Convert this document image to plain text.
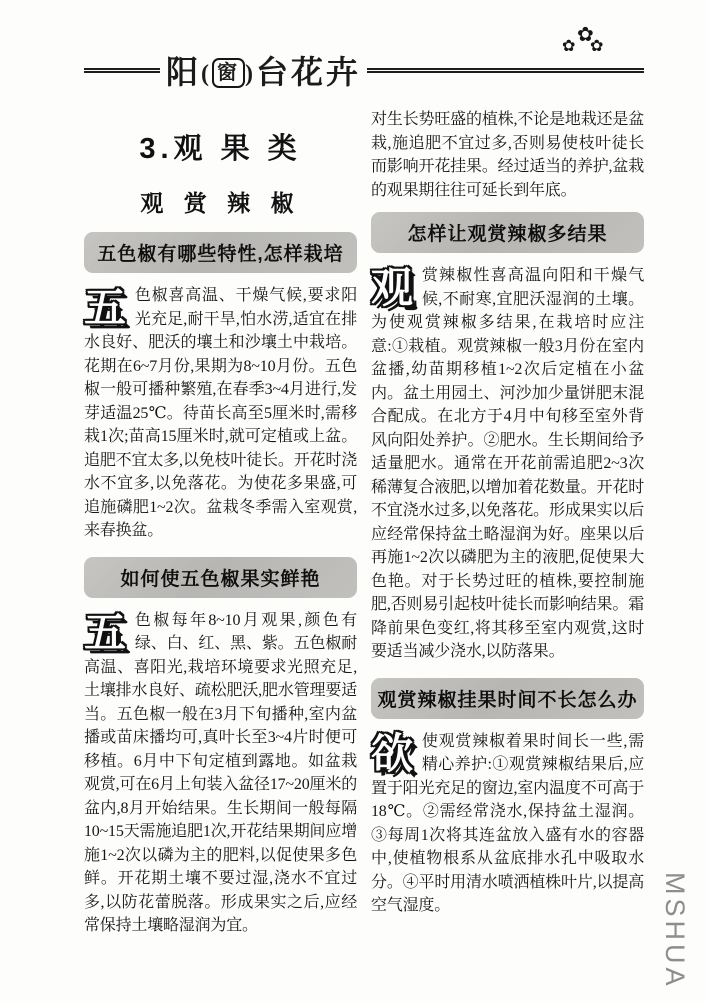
MSHUA
阳( 窗 )台花卉
✿
✿ ✿
3.观 果 类
观 赏 辣 椒
五色椒有哪些特性,怎样栽培

五色椒喜高温、干燥气候,要求阳光充足,耐干旱,怕水涝,适宜在排水良好、肥沃的壤土和沙壤土中栽培。花期在6~7月份,果期为8~10月份。五色椒一般可播种繁殖,在春季3~4月进行,发芽适温25℃。待苗长高至5厘米时,需移栽1次;苗高15厘米时,就可定植或上盆。追肥不宜太多,以免枝叶徒长。开花时浇水不宜多,以免落花。为使花多果盛,可追施磷肥1~2次。盆栽冬季需入室观赏,来春换盆。

如何使五色椒果实鲜艳

五色椒每年8~10月观果,颜色有绿、白、红、黑、紫。五色椒耐高温、喜阳光,栽培环境要求光照充足,土壤排水良好、疏松肥沃,肥水管理要适当。五色椒一般在3月下旬播种,室内盆播或苗床播均可,真叶长至3~4片时便可移植。6月中下旬定植到露地。如盆栽观赏,可在6月上旬装入盆径17~20厘米的盆内,8月开始结果。生长期间一般每隔10~15天需施追肥1次,开花结果期间应增施1~2次以磷为主的肥料,以促使果多色鲜。开花期土壤不要过湿,浇水不宜过多,以防花蕾脱落。形成果实之后,应经常保持土壤略湿润为宜。

对生长势旺盛的植株,不论是地栽还是盆栽,施追肥不宜过多,否则易使枝叶徒长而影响开花挂果。经过适当的养护,盆栽的观果期往往可延长到年底。

怎样让观赏辣椒多结果

观赏辣椒性喜高温向阳和干燥气候,不耐寒,宜肥沃湿润的土壤。为使观赏辣椒多结果,在栽培时应注意:①栽植。观赏辣椒一般3月份在室内盆播,幼苗期移植1~2次后定植在小盆内。盆土用园土、河沙加少量饼肥末混合配成。在北方于4月中旬移至室外背风向阳处养护。②肥水。生长期间给予适量肥水。通常在开花前需追肥2~3次稀薄复合液肥,以增加着花数量。开花时不宜浇水过多,以免落花。形成果实以后应经常保持盆土略湿润为好。座果以后再施1~2次以磷肥为主的液肥,促使果大色艳。对于长势过旺的植株,要控制施肥,否则易引起枝叶徒长而影响结果。霜降前果色变红,将其移至室内观赏,这时要适当减少浇水,以防落果。

观赏辣椒挂果时间不长怎么办

欲使观赏辣椒着果时间长一些,需精心养护:①观赏辣椒结果后,应置于阳光充足的窗边,室内温度不可高于18℃。②需经常浇水,保持盆土湿润。③每周1次将其连盆放入盛有水的容器中,使植物根系从盆底排水孔中吸取水分。④平时用清水喷洒植株叶片,以提高空气湿度。
